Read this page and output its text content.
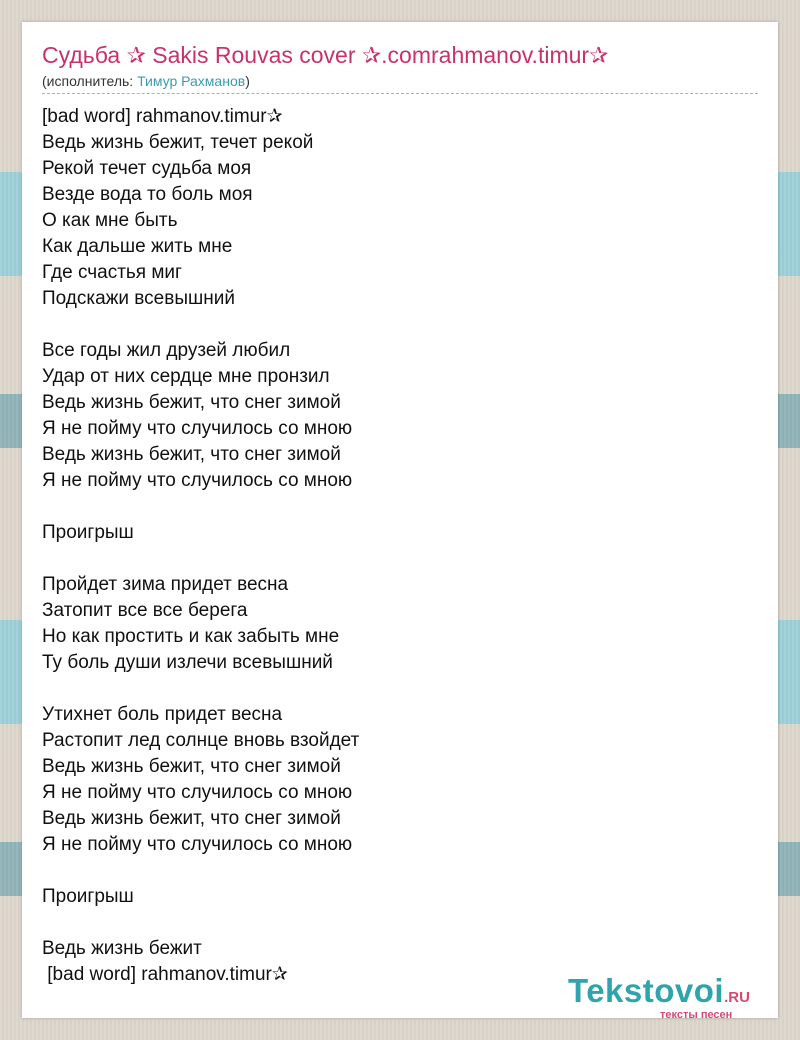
Судьба ✰ Sakis Rouvas cover ✰.comrahmanov.timur✰
(исполнитель: Тимур Рахманов)
[bad word] rahmanov.timur✰
Ведь жизнь бежит, течет рекой
Рекой течет судьба моя
Везде вода то боль моя
О как мне быть
Как дальше жить мне
Где счастья миг
Подскажи всевышний
Все годы жил друзей любил
Удар от них сердце мне пронзил
Ведь жизнь бежит, что снег зимой
Я не пойму что случилось со мною
Ведь жизнь бежит, что снег зимой
Я не пойму что случилось со мною
Проигрыш
Пройдет зима придет весна
Затопит все все берега
Но как простить и как забыть мне
Ту боль души излечи всевышний
Утихнет боль придет весна
Растопит лед солнце вновь взойдет
Ведь жизнь бежит, что снег зимой
Я не пойму что случилось со мною
Ведь жизнь бежит, что снег зимой
Я не пойму что случилось со мною
Проигрыш
Ведь жизнь бежит
[bad word] rahmanov.timur✰	Tekstovoi.RU
тексты песен
